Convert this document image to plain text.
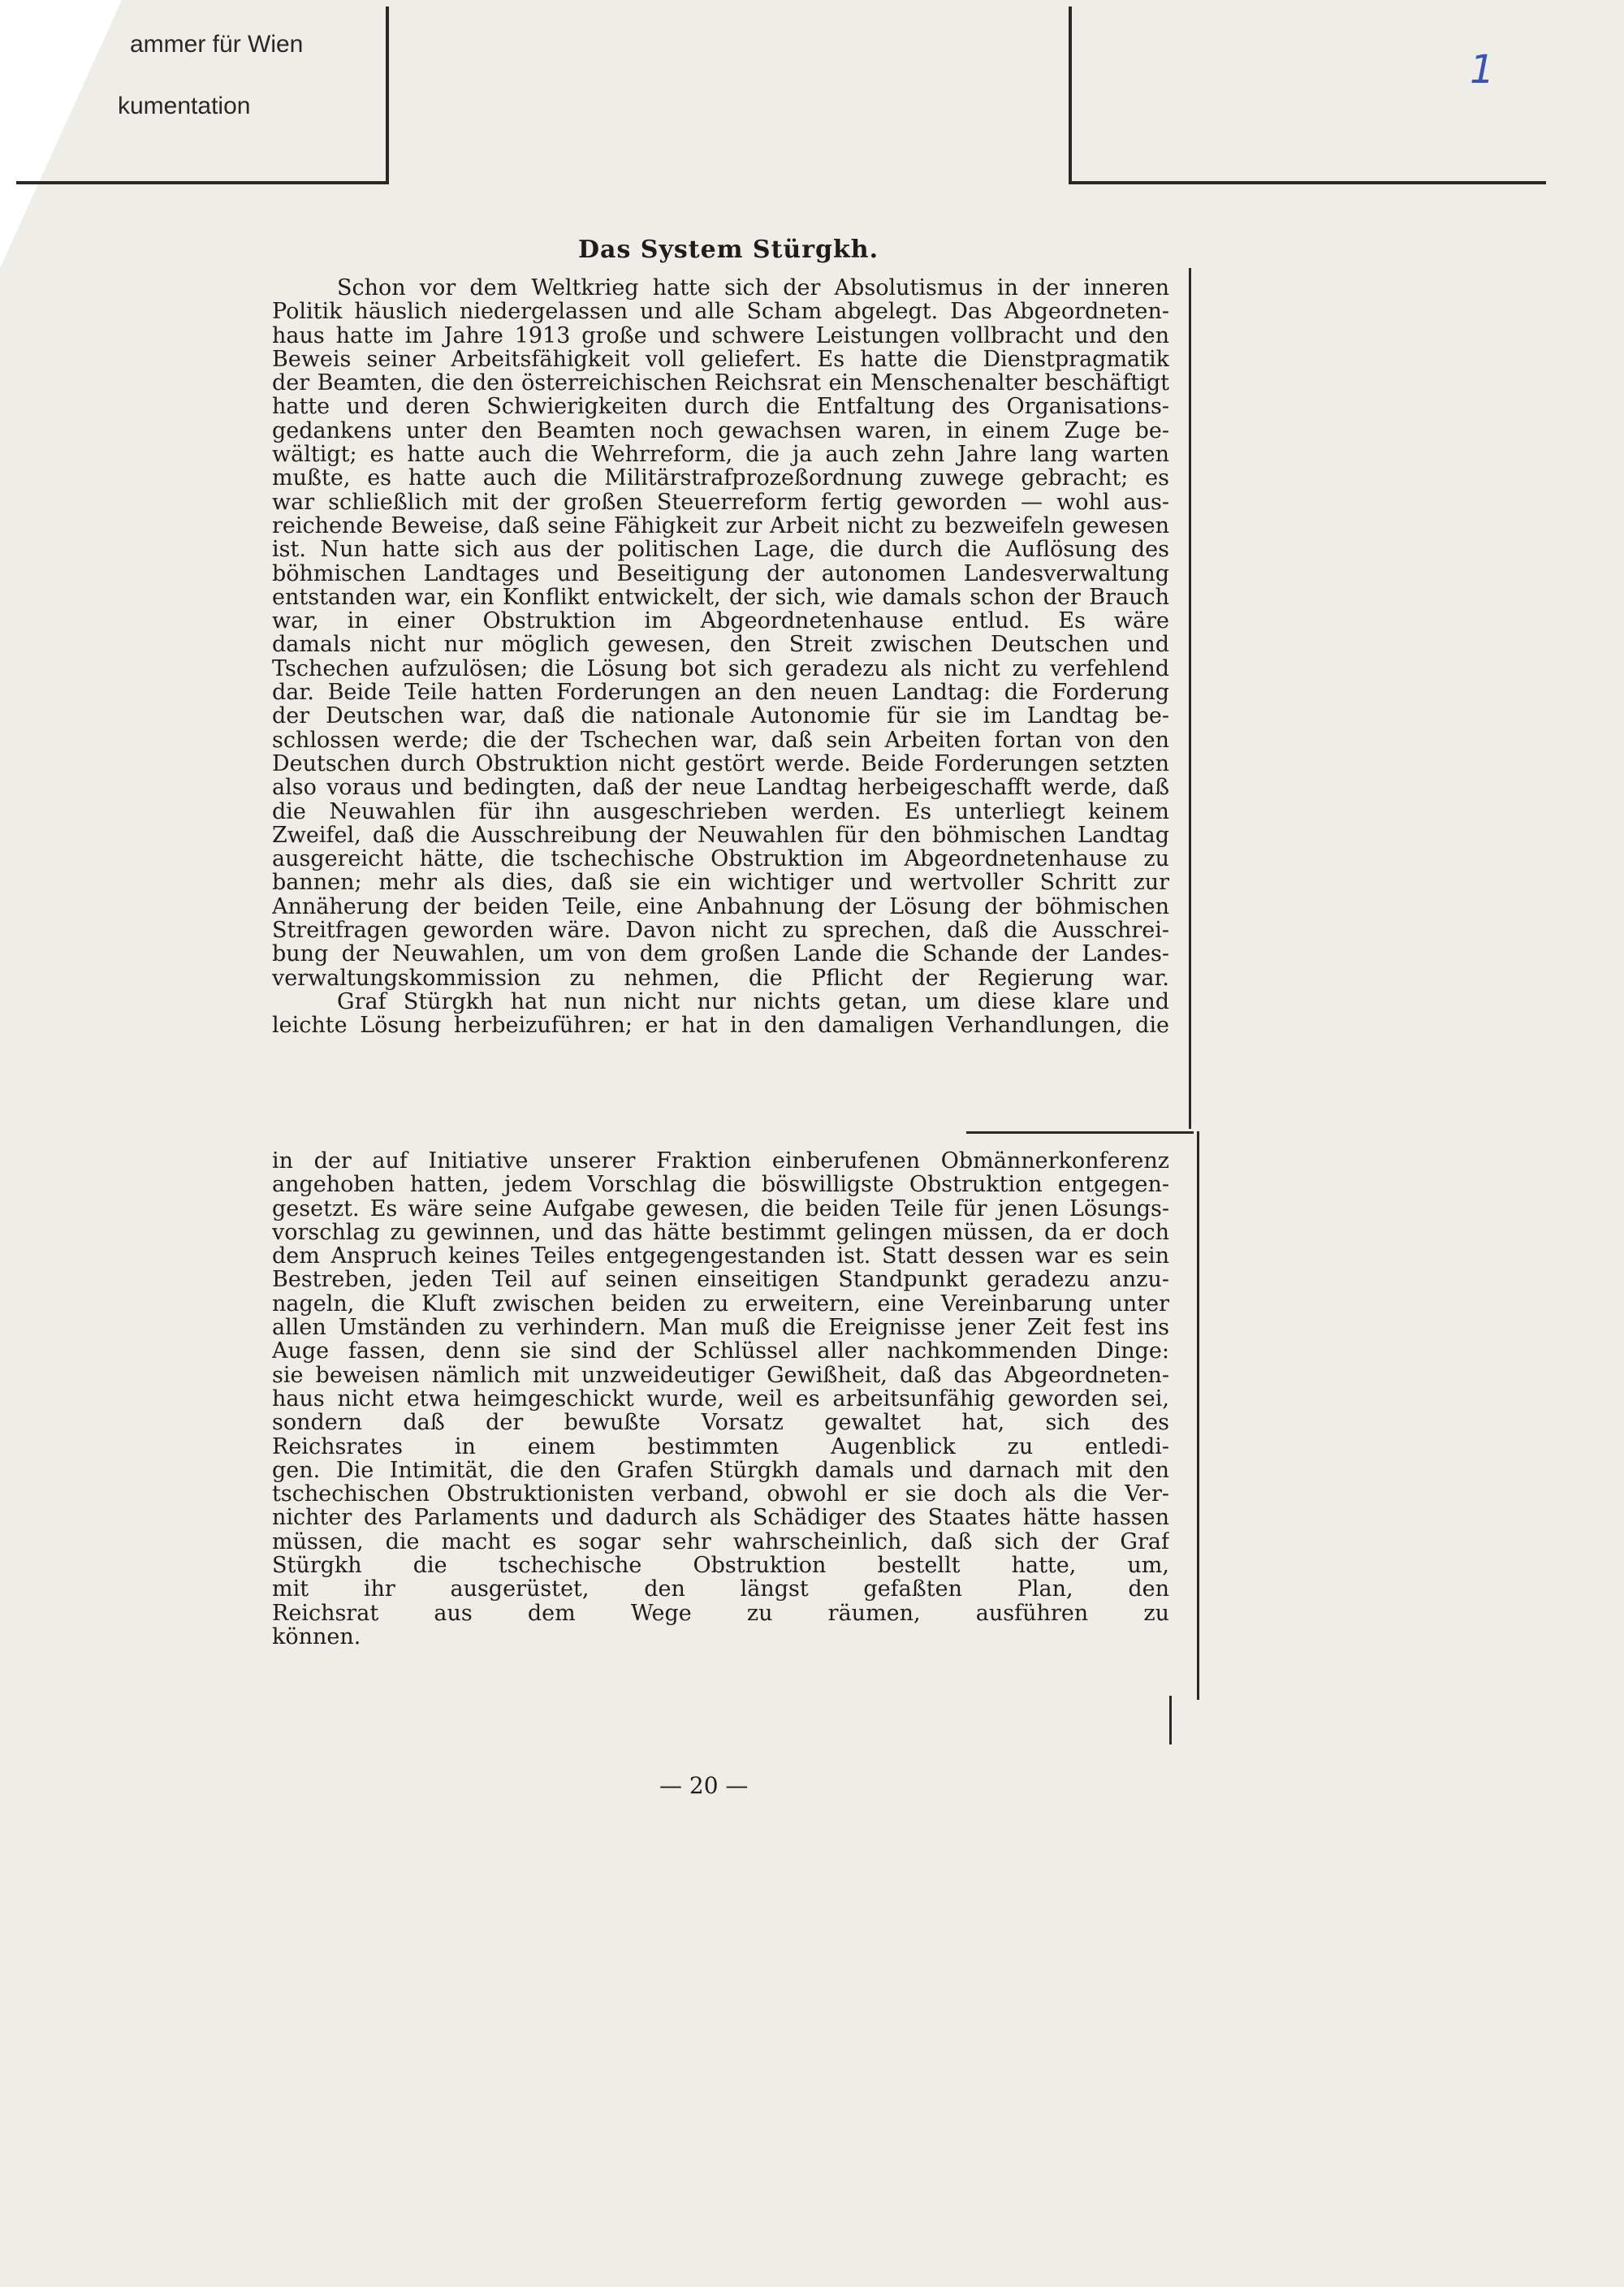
ammer für Wien
kumentation
1
Das System Stürgkh.
Schon vor dem Weltkrieg hatte sich der Absolutismus in der inneren
Politik häuslich niedergelassen und alle Scham abgelegt. Das Abgeordneten-
haus hatte im Jahre 1913 große und schwere Leistungen vollbracht und den
Beweis seiner Arbeitsfähigkeit voll geliefert. Es hatte die Dienstpragmatik
der Beamten, die den österreichischen Reichsrat ein Menschenalter beschäftigt
hatte und deren Schwierigkeiten durch die Entfaltung des Organisations-
gedankens unter den Beamten noch gewachsen waren, in einem Zuge be-
wältigt; es hatte auch die Wehrreform, die ja auch zehn Jahre lang warten
mußte, es hatte auch die Militärstrafprozeßordnung zuwege gebracht; es
war schließlich mit der großen Steuerreform fertig geworden — wohl aus-
reichende Beweise, daß seine Fähigkeit zur Arbeit nicht zu bezweifeln gewesen
ist. Nun hatte sich aus der politischen Lage, die durch die Auflösung des
böhmischen Landtages und Beseitigung der autonomen Landesverwaltung
entstanden war, ein Konflikt entwickelt, der sich, wie damals schon der Brauch
war, in einer Obstruktion im Abgeordnetenhause entlud. Es wäre
damals nicht nur möglich gewesen, den Streit zwischen Deutschen und
Tschechen aufzulösen; die Lösung bot sich geradezu als nicht zu verfehlend
dar. Beide Teile hatten Forderungen an den neuen Landtag: die Forderung
der Deutschen war, daß die nationale Autonomie für sie im Landtag be-
schlossen werde; die der Tschechen war, daß sein Arbeiten fortan von den
Deutschen durch Obstruktion nicht gestört werde. Beide Forderungen setzten
also voraus und bedingten, daß der neue Landtag herbeigeschafft werde, daß
die Neuwahlen für ihn ausgeschrieben werden. Es unterliegt keinem
Zweifel, daß die Ausschreibung der Neuwahlen für den böhmischen Landtag
ausgereicht hätte, die tschechische Obstruktion im Abgeordnetenhause zu
bannen; mehr als dies, daß sie ein wichtiger und wertvoller Schritt zur
Annäherung der beiden Teile, eine Anbahnung der Lösung der böhmischen
Streitfragen geworden wäre. Davon nicht zu sprechen, daß die Ausschrei-
bung der Neuwahlen, um von dem großen Lande die Schande der Landes-
verwaltungskommission zu nehmen, die Pflicht der Regierung war.
Graf Stürgkh hat nun nicht nur nichts getan, um diese klare und
leichte Lösung herbeizuführen; er hat in den damaligen Verhandlungen, die
in der auf Initiative unserer Fraktion einberufenen Obmännerkonferenz
angehoben hatten, jedem Vorschlag die böswilligste Obstruktion entgegen-
gesetzt. Es wäre seine Aufgabe gewesen, die beiden Teile für jenen Lösungs-
vorschlag zu gewinnen, und das hätte bestimmt gelingen müssen, da er doch
dem Anspruch keines Teiles entgegengestanden ist. Statt dessen war es sein
Bestreben, jeden Teil auf seinen einseitigen Standpunkt geradezu anzu-
nageln, die Kluft zwischen beiden zu erweitern, eine Vereinbarung unter
allen Umständen zu verhindern. Man muß die Ereignisse jener Zeit fest ins
Auge fassen, denn sie sind der Schlüssel aller nachkommenden Dinge:
sie beweisen nämlich mit unzweideutiger Gewißheit, daß das Abgeordneten-
haus nicht etwa heimgeschickt wurde, weil es arbeitsunfähig geworden sei,
sondern daß der bewußte Vorsatz gewaltet hat, sich des
Reichsrates in einem bestimmten Augenblick zu entledi-
gen. Die Intimität, die den Grafen Stürgkh damals und darnach mit den
tschechischen Obstruktionisten verband, obwohl er sie doch als die Ver-
nichter des Parlaments und dadurch als Schädiger des Staates hätte hassen
müssen, die macht es sogar sehr wahrscheinlich, daß sich der Graf
Stürgkh die tschechische Obstruktion bestellt hatte, um,
mit ihr ausgerüstet, den längst gefaßten Plan, den
Reichsrat aus dem Wege zu räumen, ausführen zu
können.
— 20 —
